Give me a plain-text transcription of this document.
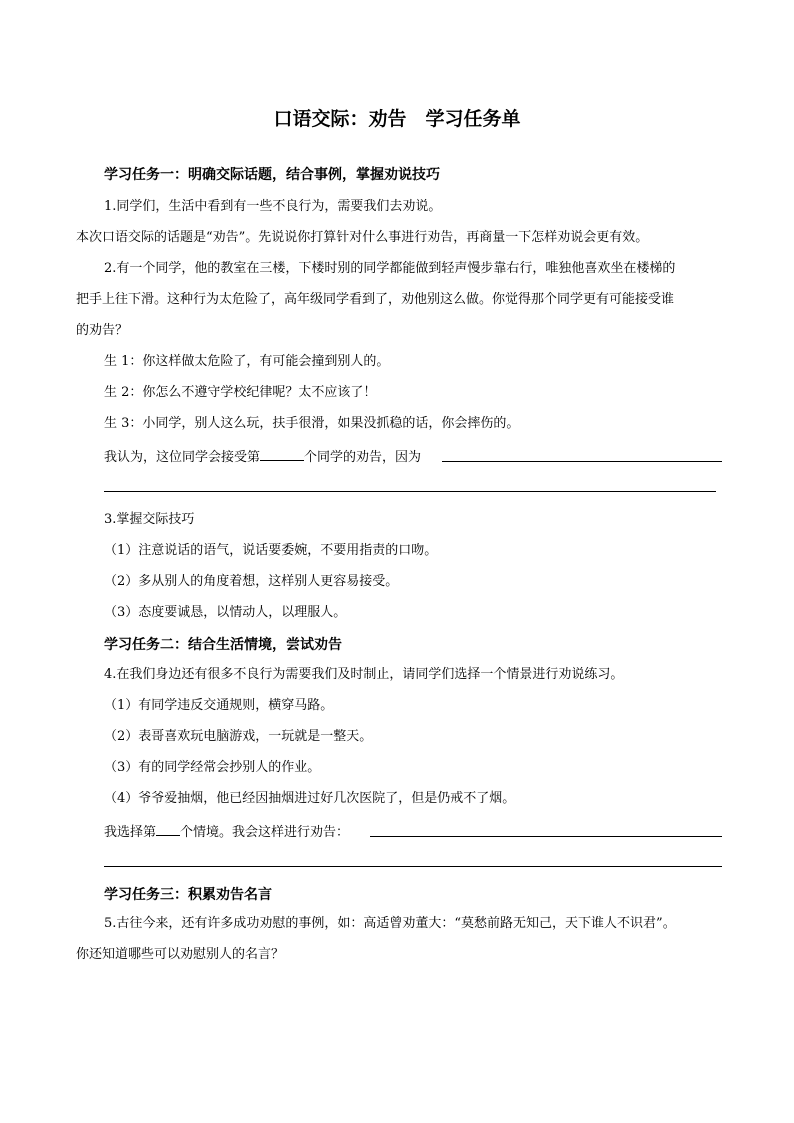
口语交际：劝告　学习任务单
学习任务一：明确交际话题，结合事例，掌握劝说技巧
1.同学们，生活中看到有一些不良行为，需要我们去劝说。
本次口语交际的话题是“劝告”。先说说你打算针对什么事进行劝告，再商量一下怎样劝说会更有效。
2.有一个同学，他的教室在三楼，下楼时别的同学都能做到轻声慢步靠右行，唯独他喜欢坐在楼梯的
把手上往下滑。这种行为太危险了，高年级同学看到了，劝他别这么做。你觉得那个同学更有可能接受谁
的劝告？
生 1：你这样做太危险了，有可能会撞到别人的。
生 2：你怎么不遵守学校纪律呢？太不应该了！
生 3：小同学，别人这么玩，扶手很滑，如果没抓稳的话，你会摔伤的。
我认为，这位同学会接受第	个同学的劝告，因为
3.掌握交际技巧
（1）注意说话的语气，说话要委婉，不要用指责的口吻。
（2）多从别人的角度着想，这样别人更容易接受。
（3）态度要诚恳，以情动人，以理服人。
学习任务二：结合生活情境，尝试劝告
4.在我们身边还有很多不良行为需要我们及时制止，请同学们选择一个情景进行劝说练习。
（1）有同学违反交通规则，横穿马路。
（2）表哥喜欢玩电脑游戏，一玩就是一整天。
（3）有的同学经常会抄别人的作业。
（4）爷爷爱抽烟，他已经因抽烟进过好几次医院了，但是仍戒不了烟。
我选择第 个情境。我会这样进行劝告：
学习任务三：积累劝告名言
5.古往今来，还有许多成功劝慰的事例，如：高适曾劝董大：“莫愁前路无知己，天下谁人不识君”。
你还知道哪些可以劝慰别人的名言？
